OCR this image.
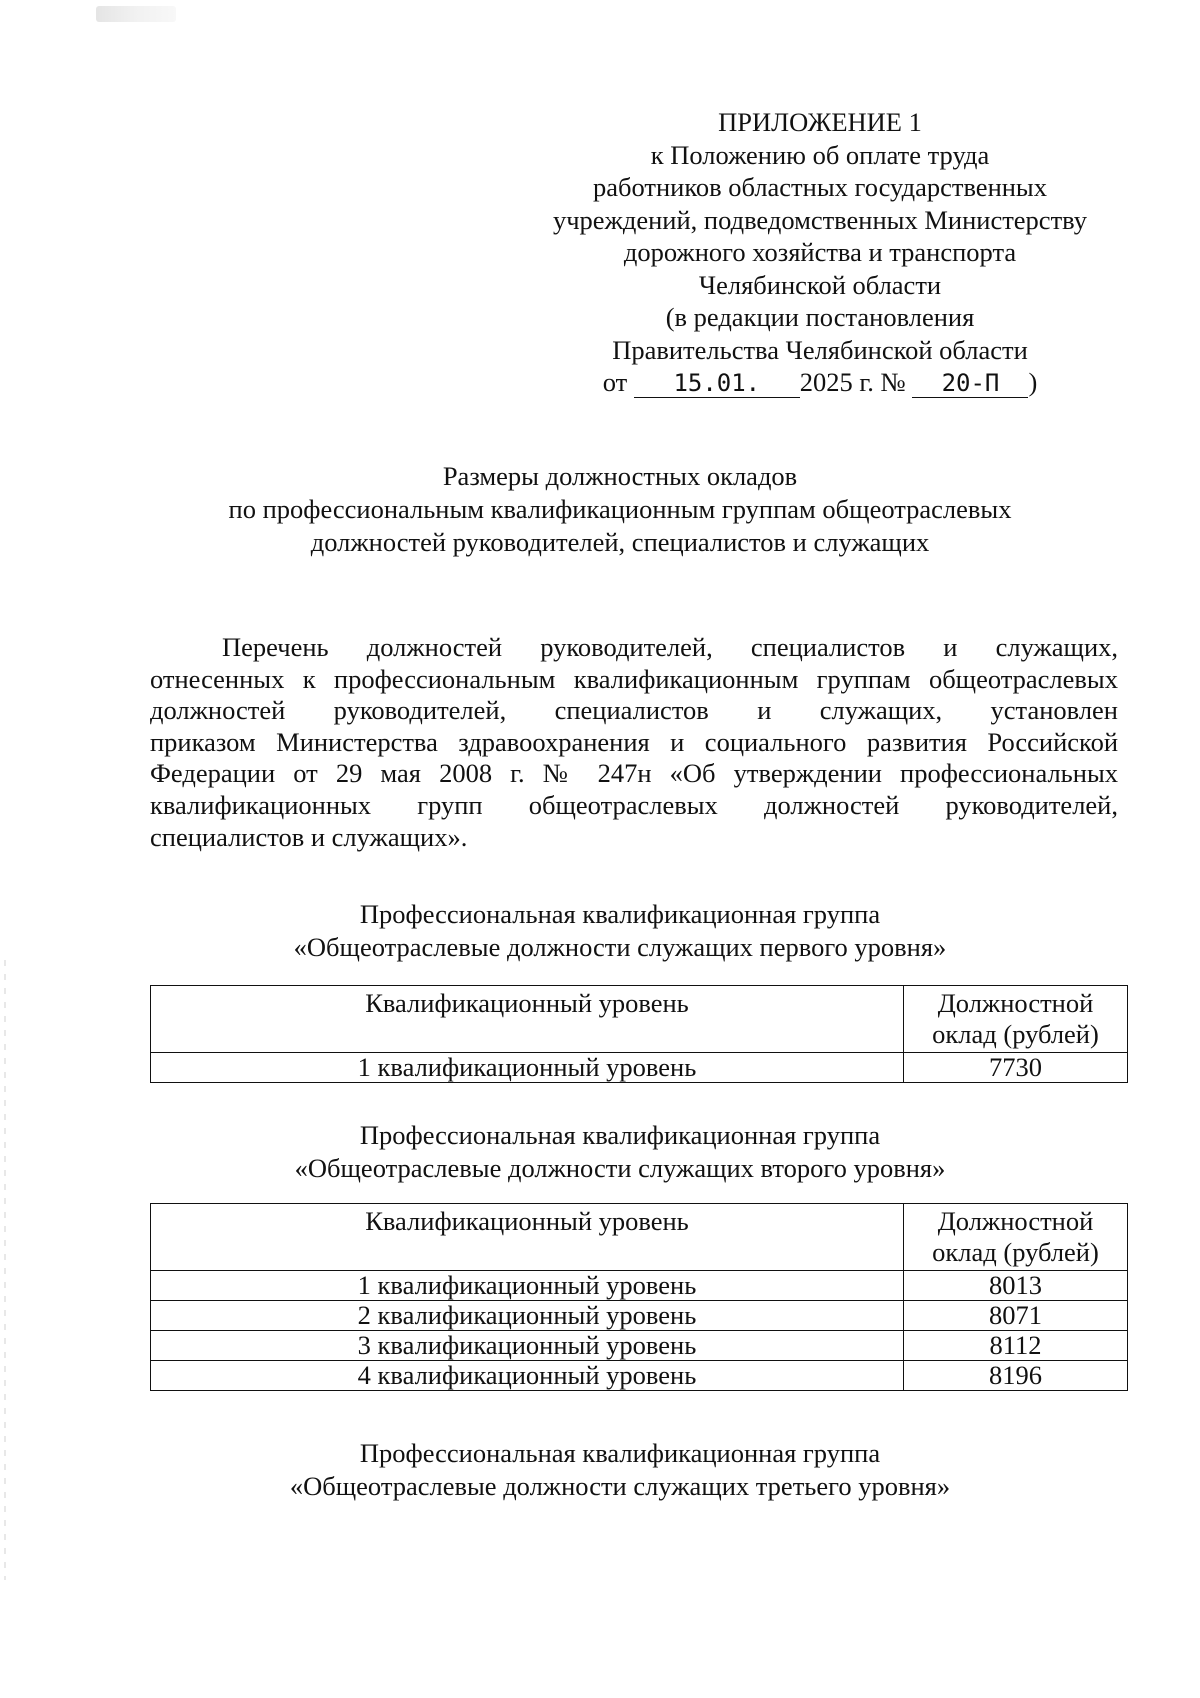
ПРИЛОЖЕНИЕ 1
к Положению об оплате труда
работников областных государственных
учреждений, подведомственных Министерству
дорожного хозяйства и транспорта
Челябинской области
(в редакции постановления
Правительства Челябинской области
от 15.01. 2025 г. № 20-П )
Размеры должностных окладов
по профессиональным квалификационным группам общеотраслевых
должностей руководителей, специалистов и служащих
Перечень должностей руководителей, специалистов и служащих,
отнесенных к профессиональным квалификационным группам общеотраслевых
должностей руководителей, специалистов и служащих, установлен
приказом Министерства здравоохранения и социального развития Российской
Федерации от 29 мая 2008 г. № 247н «Об утверждении профессиональных
квалификационных групп общеотраслевых должностей руководителей,
специалистов и служащих».
Профессиональная квалификационная группа
«Общеотраслевые должности служащих первого уровня»
Квалификационный уровень	Должностной
оклад (рублей)
1 квалификационный уровень	7730
Профессиональная квалификационная группа
«Общеотраслевые должности служащих второго уровня»
Квалификационный уровень	Должностной
оклад (рублей)
1 квалификационный уровень	8013
2 квалификационный уровень	8071
3 квалификационный уровень	8112
4 квалификационный уровень	8196
Профессиональная квалификационная группа
«Общеотраслевые должности служащих третьего уровня»
